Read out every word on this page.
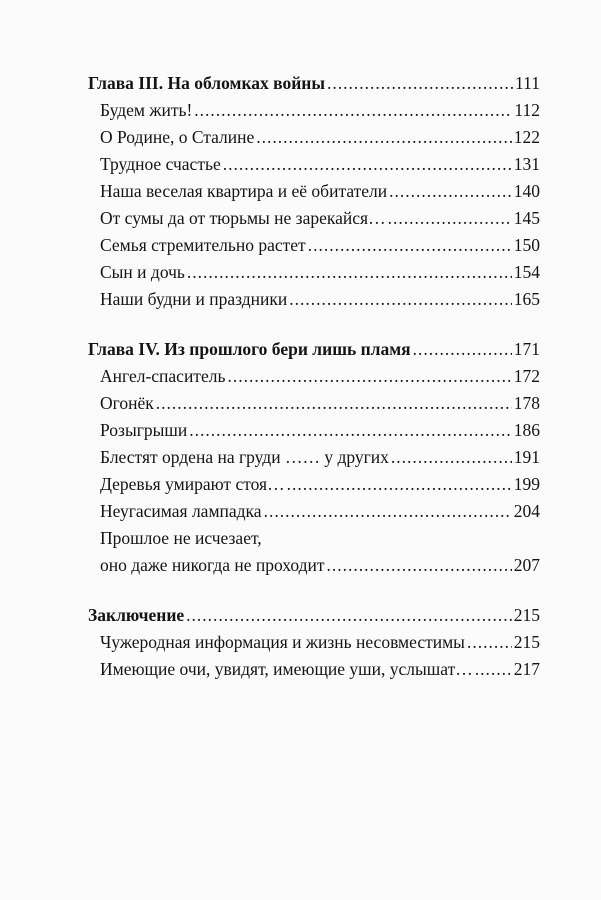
Глава III. На обломках войны .....	111
Будем жить! .....	112
О Родине, о Сталине .....	122
Трудное счастье .....	131
Наша веселая квартира и её обитатели .....	140
От сумы да от тюрьмы не зарекайся… .....	145
Семья стремительно растет .....	150
Сын и дочь .....	154
Наши будни и праздники .....	165
Глава IV. Из прошлого бери лишь пламя .....	171
Ангел-спаситель .....	172
Огонёк .....	178
Розыгрыши .....	186
Блестят ордена на груди …… у других .....	191
Деревья умирают стоя… .....	199
Неугасимая лампадка .....	204
Прошлое не исчезает,
оно даже никогда не проходит .....	207
Заключение .....	215
Чужеродная информация и жизнь несовместимы .....	215
Имеющие очи, увидят, имеющие уши, услышат… ..... 217
